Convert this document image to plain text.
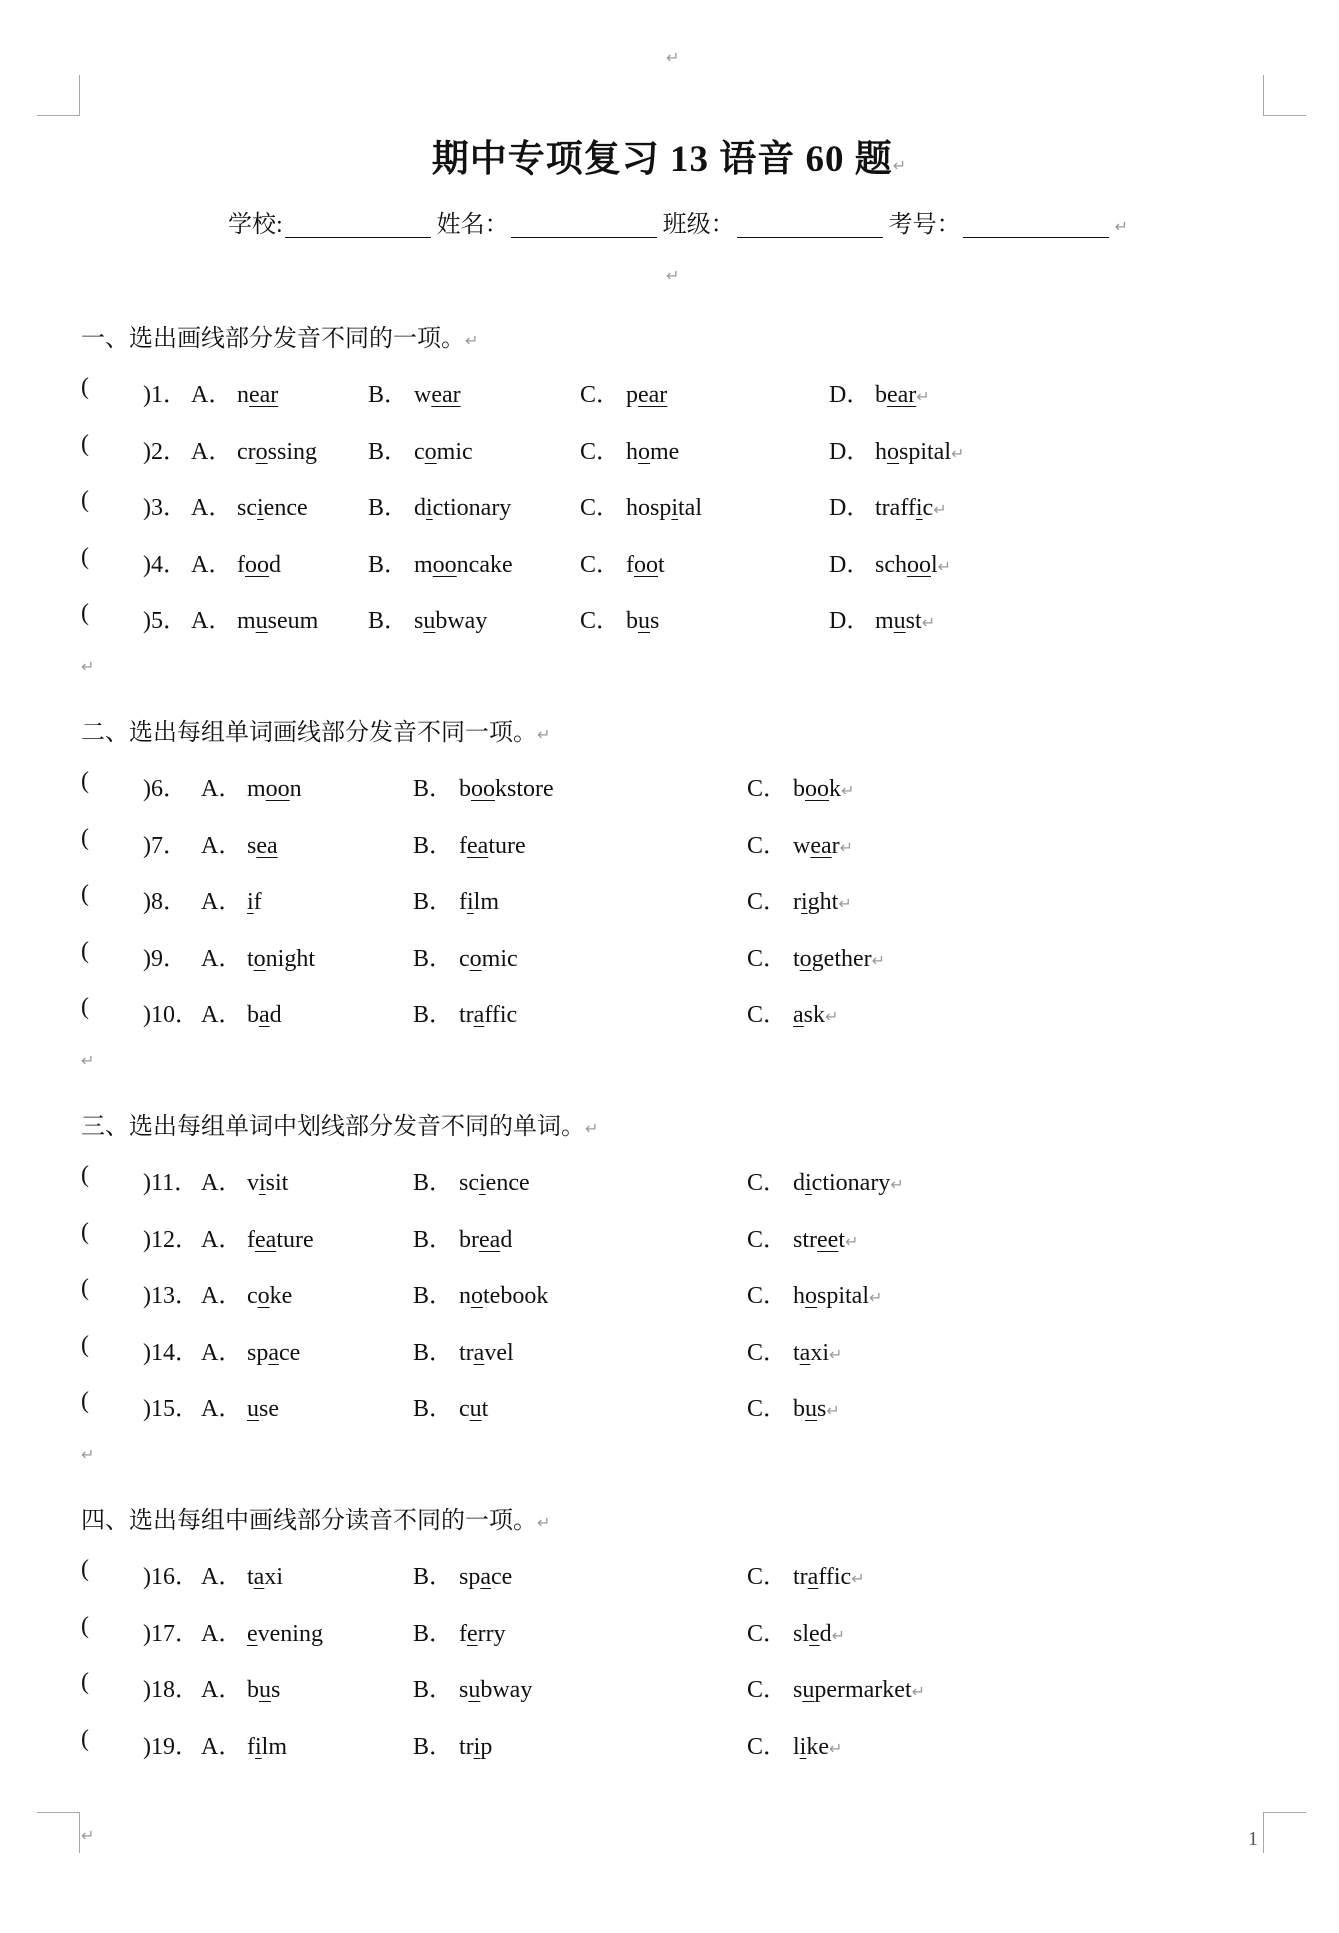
↵
期中专项复习 13 语音 60 题↵
学校:	姓名：	班级：	考号：	↵
↵
一、选出画线部分发音不同的一项。↵
( )1． A． near	B． wear	C． pear	D． bear↵
( )2． A． crossing B． comic	C． home	D． hospital↵
( )3． A． science	B． dictionary	C． hospital	D． traffic↵
( )4． A． food	B． mooncake	C． foot	D． school↵
( )5． A． museum B． subway	C． bus	D． must↵
↵
二、选出每组单词画线部分发音不同一项。↵
( )6． A． moon	B． bookstore	C． book↵
( )7． A． sea	B． feature	C． wear↵
( )8． A． if	B． film	C． right↵
( )9． A． tonight	B． comic	C． together↵
( )10． A． bad	B． traffic	C． ask↵
↵
三、选出每组单词中划线部分发音不同的单词。↵
( )11． A． visit	B． science	C． dictionary↵
( )12． A． feature	B． bread	C． street↵
( )13． A． coke	B． notebook	C． hospital↵
( )14． A． space	B． travel	C． taxi↵
( )15． A． use	B． cut	C． bus↵
↵
四、选出每组中画线部分读音不同的一项。↵
( )16． A． taxi	B． space	C． traffic↵
( )17． A． evening	B． ferry	C． sled↵
( )18． A． bus	B． subway	C． supermarket↵
( )19． A． film	B． trip	C． like↵
↵	1
